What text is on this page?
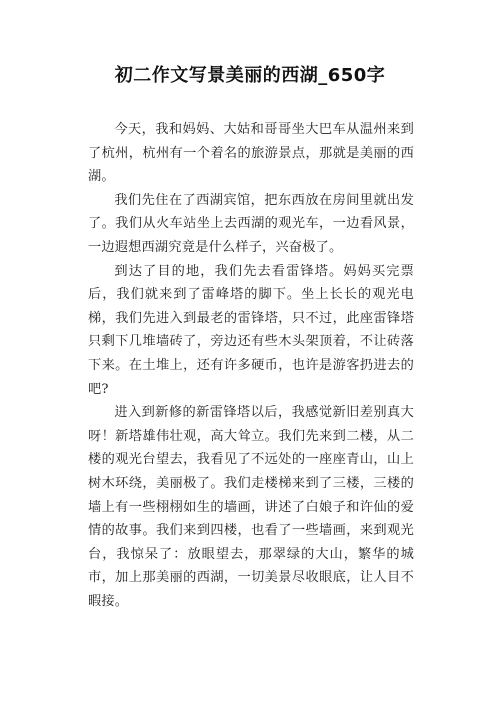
初二作文写景美丽的西湖_650字

今天，我和妈妈、大姑和哥哥坐大巴车从温州来到了杭州，杭州有一个着名的旅游景点，那就是美丽的西湖。

我们先住在了西湖宾馆，把东西放在房间里就出发了。我们从火车站坐上去西湖的观光车，一边看风景，一边遐想西湖究竟是什么样子，兴奋极了。

到达了目的地，我们先去看雷锋塔。妈妈买完票后，我们就来到了雷峰塔的脚下。坐上长长的观光电梯，我们先进入到最老的雷锋塔，只不过，此座雷锋塔只剩下几堆墙砖了，旁边还有些木头架顶着，不让砖落下来。在土堆上，还有许多硬币，也许是游客扔进去的吧?

进入到新修的新雷锋塔以后，我感觉新旧差别真大呀！新塔雄伟壮观，高大耸立。我们先来到二楼，从二楼的观光台望去，我看见了不远处的一座座青山，山上树木环绕，美丽极了。我们走楼梯来到了三楼，三楼的墙上有一些栩栩如生的墙画，讲述了白娘子和许仙的爱情的故事。我们来到四楼，也看了一些墙画，来到观光台，我惊呆了：放眼望去，那翠绿的大山，繁华的城市，加上那美丽的西湖，一切美景尽收眼底，让人目不暇接。
